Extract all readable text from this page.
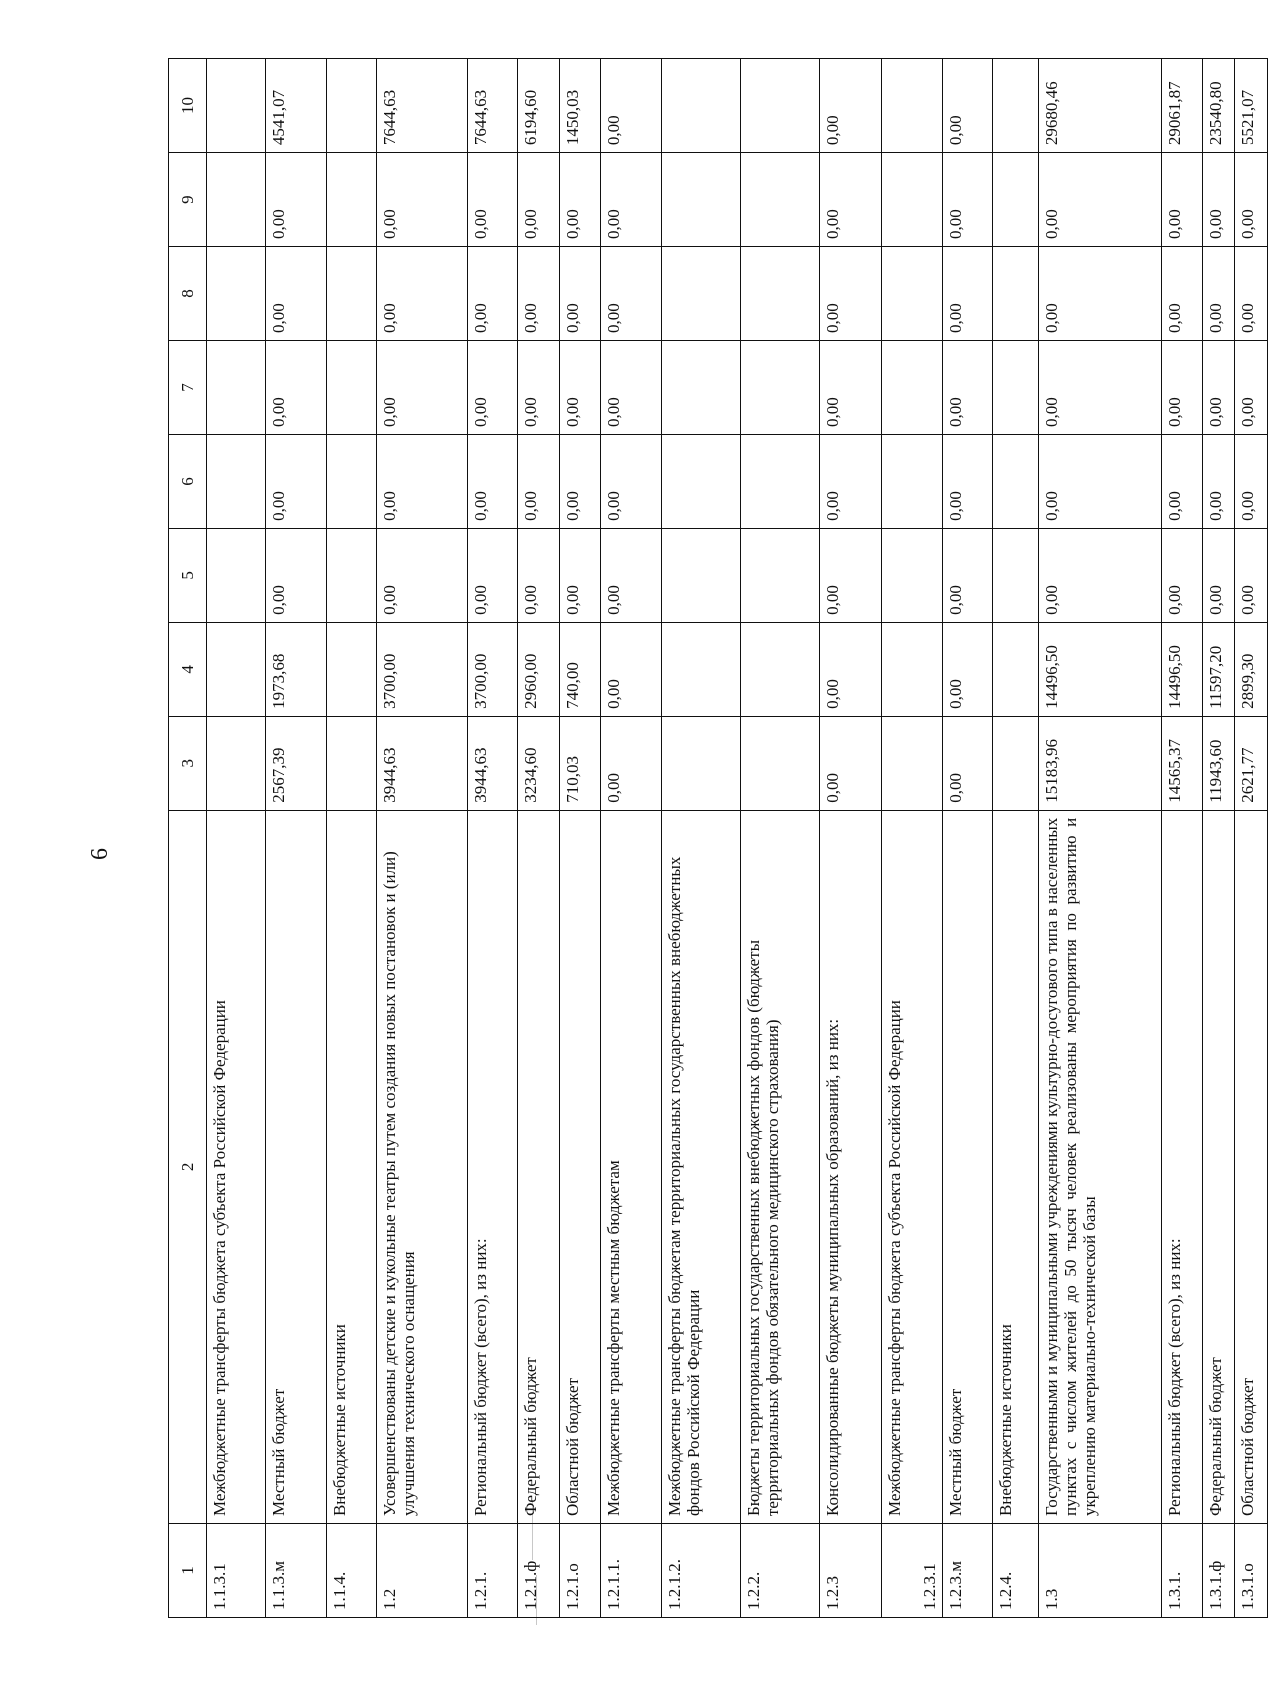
6
1	2	3	4	5	6	7	8	9	10
1.1.3.1	Межбюджетные трансферты бюджета субъекта Российской Федерации								
1.1.3.м	Местный бюджет	2567,39	1973,68	0,00	0,00	0,00	0,00	0,00	4541,07
1.1.4.	Внебюджетные источники								
1.2	Усовершенствованы детские и кукольные театры путем создания новых постановок и (или) улучшения технического оснащения	3944,63	3700,00	0,00	0,00	0,00	0,00	0,00	7644,63
1.2.1.	Региональный бюджет (всего), из них:	3944,63	3700,00	0,00	0,00	0,00	0,00	0,00	7644,63
1.2.1.ф	Федеральный бюджет	3234,60	2960,00	0,00	0,00	0,00	0,00	0,00	6194,60
1.2.1.о	Областной бюджет	710,03	740,00	0,00	0,00	0,00	0,00	0,00	1450,03
1.2.1.1.	Межбюджетные трансферты местным бюджетам	0,00	0,00	0,00	0,00	0,00	0,00	0,00	0,00
1.2.1.2.	Межбюджетные трансферты бюджетам территориальных государственных внебюджетных фондов Российской Федерации								
1.2.2.	Бюджеты территориальных государственных внебюджетных фондов (бюджеты территориальных фондов обязательного медицинского страхования)								
1.2.3	Консолидированные бюджеты муниципальных образований, из них:	0,00	0,00	0,00	0,00	0,00	0,00	0,00	0,00
1.2.3.1	Межбюджетные трансферты бюджета субъекта Российской Федерации								
1.2.3.м	Местный бюджет	0,00	0,00	0,00	0,00	0,00	0,00	0,00	0,00
1.2.4.	Внебюджетные источники								
1.3	Государственными и муниципальными учреждениями культурно-досугового типа в населенных пунктах с числом жителей до 50 тысяч человек реализованы мероприятия по развитию и укреплению материально-технической базы	15183,96	14496,50	0,00	0,00	0,00	0,00	0,00	29680,46
1.3.1.	Региональный бюджет (всего), из них:	14565,37	14496,50	0,00	0,00	0,00	0,00	0,00	29061,87
1.3.1.ф	Федеральный бюджет	11943,60	11597,20	0,00	0,00	0,00	0,00	0,00	23540,80
1.3.1.о	Областной бюджет	2621,77	2899,30	0,00	0,00	0,00	0,00	0,00	5521,07
